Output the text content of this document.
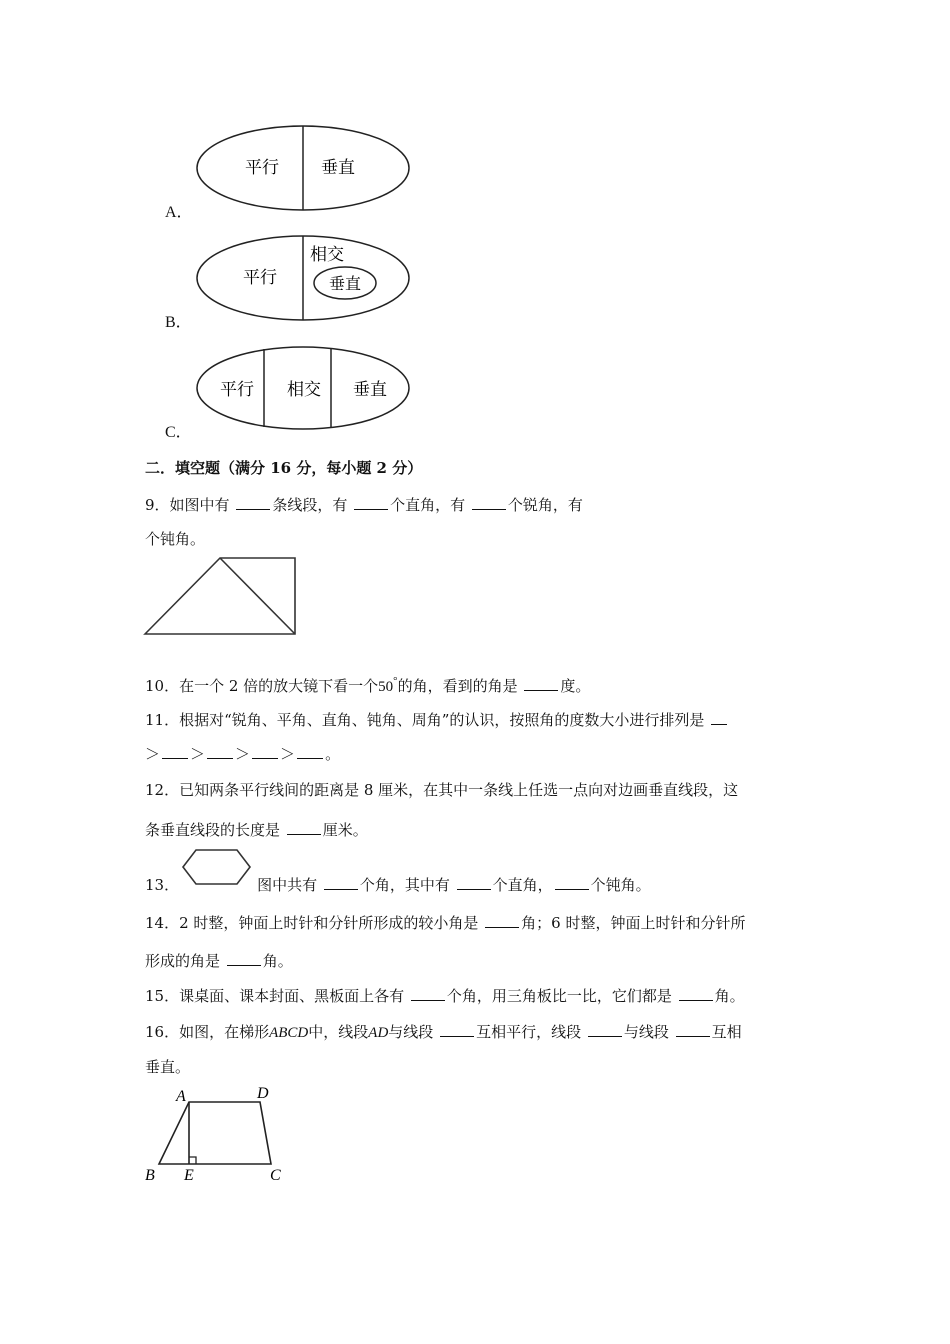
平行 垂直
A．
平行
相交
垂直
B．
平行 相交 垂直
C．
二．填空题（满分 16 分，每小题 2 分）
9．如图中有	条线段，有	个直角，有	个锐角，有
个钝角。
10．在一个 2 倍的放大镜下看一个50°的角，看到的角是	度。
11．根据对“锐角、平角、直角、钝角、周角”的认识，按照角的度数大小进行排列是
＞ ＞ ＞ ＞ 。
12．已知两条平行线间的距离是 8 厘米，在其中一条线上任选一点向对边画垂直线段，这
条垂直线段的长度是	厘米。
13．	图中共有	个角，其中有	个直角，	个钝角。
14．2 时整，钟面上时针和分针所形成的较小角是	角；6 时整，钟面上时针和分针所
形成的角是	角。
15．课桌面、课本封面、黑板面上各有	个角，用三角板比一比，它们都是	角。
16．如图，在梯形ABCD中，线段AD与线段	互相平行，线段	与线段	互相
垂直。
A	D
B E	C
